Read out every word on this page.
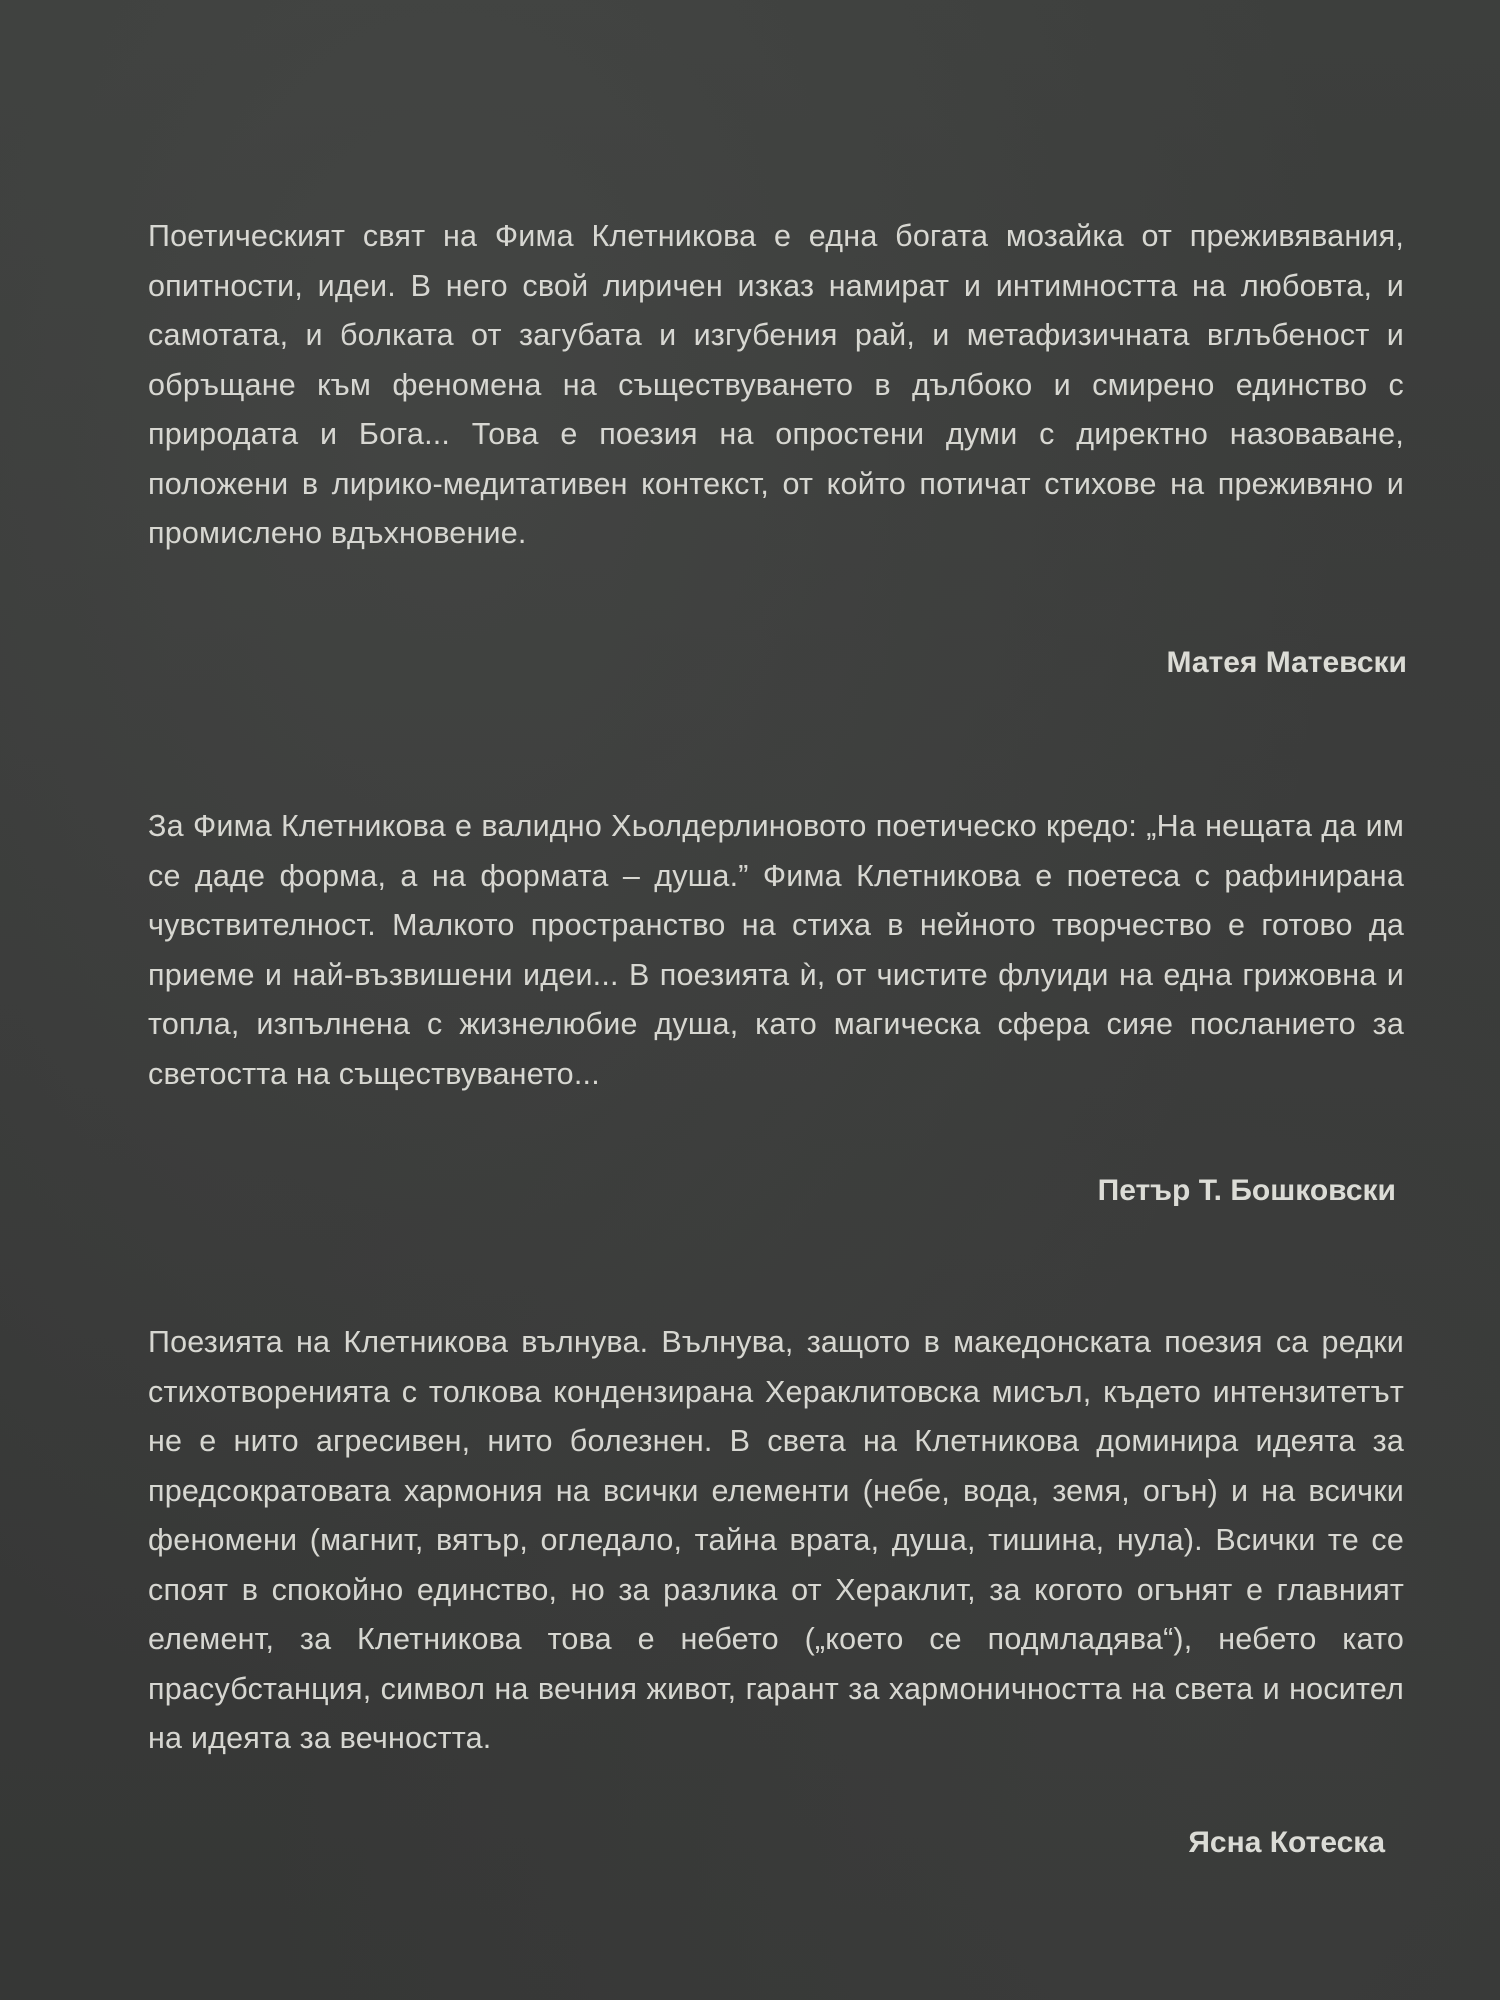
Поетическият свят на Фима Клетникова е една богата мозайка от преживявания, опитности, идеи. В него свой лиричен изказ намират и интимността на любовта, и самотата, и болката от загубата и изгубения рай, и метафизичната вглъбеност и обръщане към феномена на съществуването в дълбоко и смирено единство с природата и Бога... Това е поезия на опростени думи с директно назоваване, положени в лирико-медитативен контекст, от който потичат стихове на преживяно и промислено вдъхновение.

Матея Матевски

За Фима Клетникова е валидно Хьолдерлиновото поетическо кредо: „На нещата да им се даде форма, а на формата – душа.” Фима Клетникова е поетеса с рафинирана чувствителност. Малкото пространство на стиха в нейното творчество е готово да приеме и най-възвишени идеи... В поезията ѝ, от чистите флуиди на една грижовна и топла, изпълнена с жизнелюбие душа, като магическа сфера сияе посланието за светостта на съществуването...

Петър Т. Бошковски

Поезията на Клетникова вълнува. Вълнува, защото в македонската поезия са редки стихотворенията с толкова кондензирана Хераклитовска мисъл, където интензитетът не е нито агресивен, нито болезнен. В света на Клетникова доминира идеята за предсократовата хармония на всички елементи (небе, вода, земя, огън) и на всички феномени (магнит, вятър, огледало, тайна врата, душа, тишина, нула). Всички те се споят в спокойно единство, но за разлика от Хераклит, за когото огънят е главният елемент, за Клетникова това е небето („което се подмладява“), небето като прасубстанция, символ на вечния живот, гарант за хармоничността на света и носител на идеята за вечността.

Ясна Котеска
